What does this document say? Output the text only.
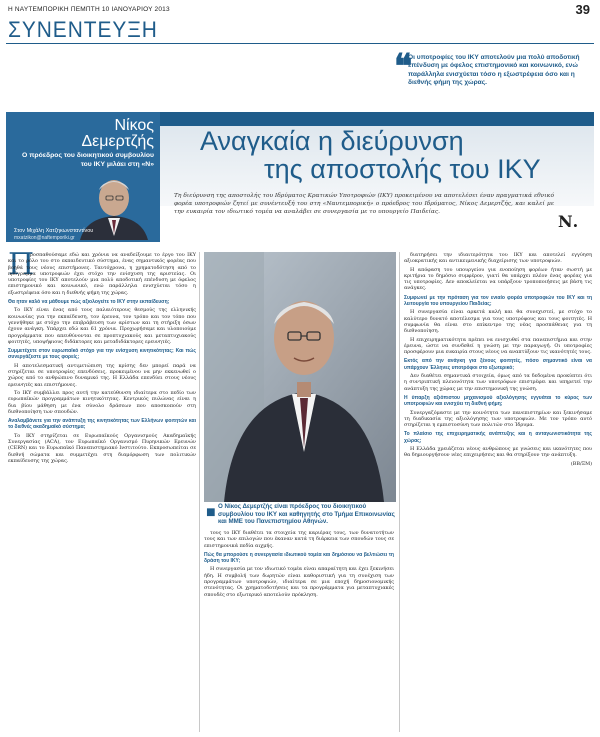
Η ΝΑΥΤΕΜΠΟΡΙΚΗ ΠΕΜΠΤΗ 10 ΙΑΝΟΥΑΡΙΟΥ 2013	39
ΣΥΝΕΝΤΕΥΞΗ
❝
Οι υποτροφίες του ΙΚΥ αποτελούν μια πολύ αποδοτική επένδυση με όφελος επιστημονικό και κοινωνικό, ενώ παράλληλα ενισχύεται τόσο η εξωστρέφεια όσο και η διεθνής φήμη της χώρας.
Νίκος
Δεμερτζής
Ο πρόεδρος του διοικητικού συμβουλίου του ΙΚΥ μιλάει στη «Ν»
Στον Μιχάλη Χατζηκωνσταντίνου
mxatzikon@naftemporiki.gr
Αναγκαία η διεύρυνση
της αποστολής του ΙΚΥ
Τη διεύρυνση της αποστολής του Ιδρύματος Κρατικών Υποτροφιών (ΙΚΥ) προκειμένου να αποτελέσει έναν πραγματικά εθνικό φορέα υποτροφιών ζητεί με συνέντευξή του στη «Ναυτεμπορική» ο πρόεδρος του Ιδρύματος, Νίκος Δεμερτζής, και καλεί με την ευκαιρία τον ιδιωτικό τομέα να αναλάβει σε συνεργασία με το υπουργείο Παιδείας.	Ν.
Π

ροσπαθούσαμε εδώ και χρόνια να αναδείξουμε το έργο του ΙΚΥ και το ρόλο του στο εκπαιδευτικό σύστημα, ένας σημαντικός φορέας που βοηθά τους νέους επιστήμονες. Ταυτόχρονα, η χρηματοδότηση από το πρόγραμμα υποτροφιών έχει στόχο την ενίσχυση της αριστείας. Οι υποτροφίες του ΙΚΥ αποτελούν μια πολύ αποδοτική επένδυση με όφελος επιστημονικό και κοινωνικό, ενώ παράλληλα ενισχύεται τόσο η εξωστρέφεια όσο και η διεθνής φήμη της χώρας.

Θα ηταν καλό να μάθουμε πώς αξιολογείτε το ΙΚΥ στην εκπαίδευση;

Το ΙΚΥ είναι ένας από τους παλαιότερους θεσμούς της ελληνικής κοινωνίας για την εκπαίδευση, τον έρευνα, τον τρόπο και τον τόπο που γεννήθηκε με στόχο την επιβράβευση των αρίστων και τη στήριξη όσων έχουν ανάγκη. Υπάρχει εδώ και 61 χρόνια. Προχωρήσαμε και υλοποιούμε προγράμματα που απευθύνονται σε προπτυχιακούς και μεταπτυχιακούς φοιτητές, υποψήφιους διδάκτορες και μεταδιδάκτορες ερευνητές.

Συμμετέχετε στον ευρωπαϊκό στόχο για την ενίσχυση κινητικότητας; Και πώς συνεργάζεστε με τους φορείς;

Η αποτελεσματική αντιμετώπιση της κρίσης δεν μπορεί παρά να στηρίζεται σε υποτροφίες επενδύσεις, προκειμένου να μην εκκενωθεί ο χώρος από το ανθρώπινο δυναμικό της. Η Ελλάδα επενδύει στους νέους ερευνητές και επιστήμονες.

Το ΙΚΥ συμβάλλει προς αυτή την κατεύθυνση ιδιαίτερα στο πεδίο των ευρωπαϊκών προγραμμάτων κινητικότητας. Κεντρικός πυλώνας είναι η δια βίου μάθηση με ένα σύνολο δράσεων που αποσκοπούν στη διεθνοποίηση των σπουδών.

Αναλαμβάνετε για την ανάπτυξη της κινητικότητας των Ελλήνων φοιτητών και το διεθνές ακαδημαϊκό σύστημα;

Το ΙΚΥ στηρίζεται σε Ευρωπαϊκούς Οργανισμούς Ακαδημαϊκής Συνεργασίας (ACA), τον Ευρωπαϊκό Οργανισμό Πυρηνικών Ερευνών (CERN) και το Ευρωπαϊκό Πανεπιστημιακό Ινστιτούτο. Εκπροσωπείται σε διεθνή σώματα και συμμετέχει στη διαμόρφωση των πολιτικών εκπαίδευσης της χώρας.

■ Ο Νίκος Δεμερτζής είναι πρόεδρος του διοικητικού συμβουλίου του ΙΚΥ και καθηγητής στο Τμήμα Επικοινωνίας και ΜΜΕ του Πανεπιστημίου Αθηνών.

τους το ΙΚΥ διαθέτει τα στοιχεία της καριέρας τους, των δυνατοτήτων τους και των επιλογών που έκαναν κατά τη διάρκεια των σπουδών τους σε επιστημονικά πεδία αιχμής.

Πώς θα μπορούσε η συνεργασία ιδιωτικού τομέα και δημόσιου να βελτιώσει τη δράση του ΙΚΥ;

Η συνεργασία με τον ιδιωτικό τομέα είναι απαραίτητη και έχει ξεκινήσει ήδη. Η συμβολή των δωρητών είναι καθοριστική για τη συνέχιση των προγραμμάτων υποτροφιών, ιδιαίτερα σε μια εποχή δημοσιονομικής στενότητας. Οι χρηματοδοτήσεις και τα προγράμματα για μεταπτυχιακές σπουδές στο εξωτερικό αποτελούν πρόκληση.

διατηρήσει την ιδιαιτερότητα του ΙΚΥ και αποτελεί εγγύηση αξιοκρατικής και αντικειμενικής διαχείρισης των υποτροφιών.

Η απόφαση του υπουργείου για ενοποίηση φορέων ήταν σωστή με κριτήρια το δημόσιο συμφέρον, γιατί θα υπάρχει πλέον ένας φορέας για τις υποτροφίες. Δεν αποκλείεται να υπάρξουν τροποποιήσεις με βάση τις ανάγκες.

Συμφωνεί με την πρόταση για τον ενιαίο φορέα υποτροφιών του ΙΚΥ και τη λειτουργία του υπουργείου Παιδείας;

Η συνεργασία είναι αρκετά καλή και θα συνεχιστεί, με στόχο το καλύτερο δυνατό αποτέλεσμα για τους υποτρόφους και τους φοιτητές. Η συμφωνία θα είναι στο επίκεντρο της νέας προσπάθειας για τη διεθνοποίηση.

Η επιχειρηματικότητα πρέπει να ενισχυθεί στα πανεπιστήμια και στην έρευνα, ώστε να συνδεθεί η γνώση με την παραγωγή. Οι υποτροφίες προσφέρουν μια ευκαιρία στους νέους να αναπτύξουν τις ικανότητές τους.

Εκτός από την ανάγκη για ξένους φοιτητές, πόσο σημαντικό είναι να υπάρχουν Έλληνες υποτρόφοι στο εξωτερικό;

Δεν διαθέτει σημαντικά στοιχεία, όμως από τα δεδομένα προκύπτει ότι η συντριπτική πλειονότητα των υποτρόφων επιστρέφει και υπηρετεί την ανάπτυξη της χώρας με την επιστημονική της γνώση.

Η ύπαρξη αξιόπιστου μηχανισμού αξιολόγησης εγγυάται το κύρος των υποτροφιών και ενισχύει τη διεθνή φήμη;

Συνεργαζόμαστε με την κοινότητα των πανεπιστημίων και ξεκινήσαμε τη διαδικασία της αξιολόγησης των υποτροφιών. Με τον τρόπο αυτό στηρίζεται η εμπιστοσύνη των πολιτών στο Ίδρυμα.

Το πλαίσιο της επιχειρηματικής ανάπτυξης και η ανταγωνιστικότητα της χώρας;

Η Ελλάδα χρειάζεται νέους ανθρώπους με γνώσεις και ικανότητες που θα δημιουργήσουν νέες επιχειρήσεις και θα στηρίξουν την ανάπτυξη.

(ΒΒ/ΞΜ)
